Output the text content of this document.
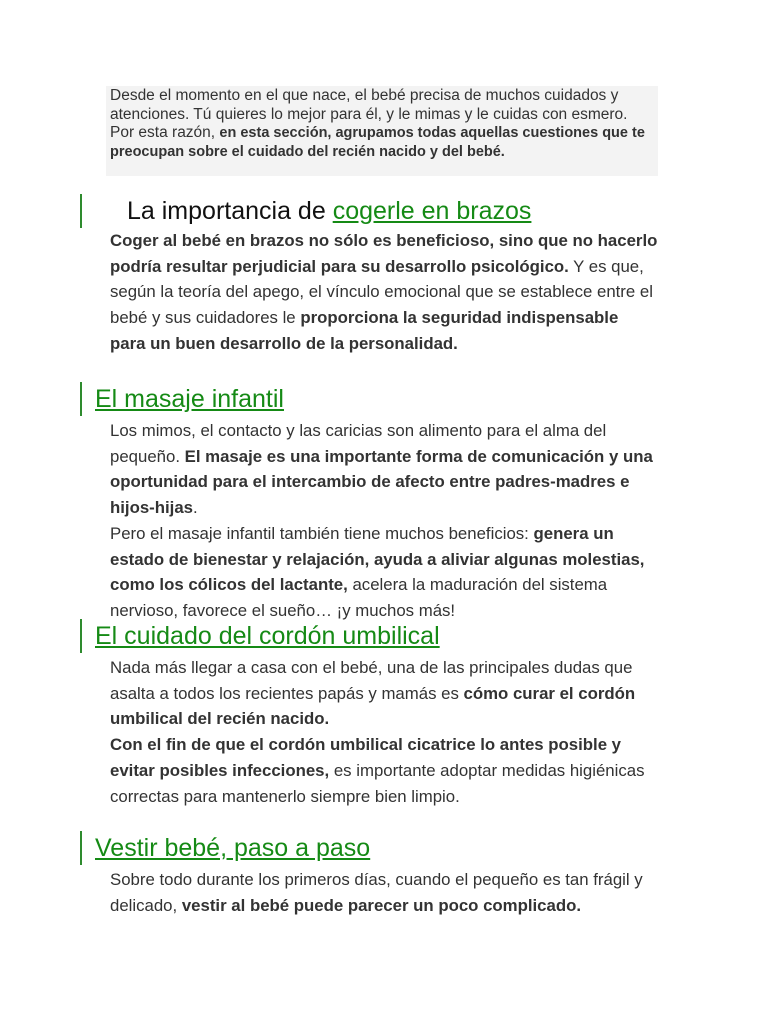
Desde el momento en el que nace, el bebé precisa de muchos cuidados y atenciones. Tú quieres lo mejor para él, y le mimas y le cuidas con esmero. Por esta razón, en esta sección, agrupamos todas aquellas cuestiones que te preocupan sobre el cuidado del recién nacido y del bebé.

La importancia de cogerle en brazos

Coger al bebé en brazos no sólo es beneficioso, sino que no hacerlo podría resultar perjudicial para su desarrollo psicológico. Y es que, según la teoría del apego, el vínculo emocional que se establece entre el bebé y sus cuidadores le proporciona la seguridad indispensable para un buen desarrollo de la personalidad.

El masaje infantil

Los mimos, el contacto y las caricias son alimento para el alma del pequeño. El masaje es una importante forma de comunicación y una oportunidad para el intercambio de afecto entre padres-madres e hijos-hijas.

Pero el masaje infantil también tiene muchos beneficios: genera un estado de bienestar y relajación, ayuda a aliviar algunas molestias, como los cólicos del lactante, acelera la maduración del sistema nervioso, favorece el sueño… ¡y muchos más!

El cuidado del cordón umbilical

Nada más llegar a casa con el bebé, una de las principales dudas que asalta a todos los recientes papás y mamás es cómo curar el cordón umbilical del recién nacido.

Con el fin de que el cordón umbilical cicatrice lo antes posible y evitar posibles infecciones, es importante adoptar medidas higiénicas correctas para mantenerlo siempre bien limpio.

Vestir bebé, paso a paso

Sobre todo durante los primeros días, cuando el pequeño es tan frágil y delicado, vestir al bebé puede parecer un poco complicado.
